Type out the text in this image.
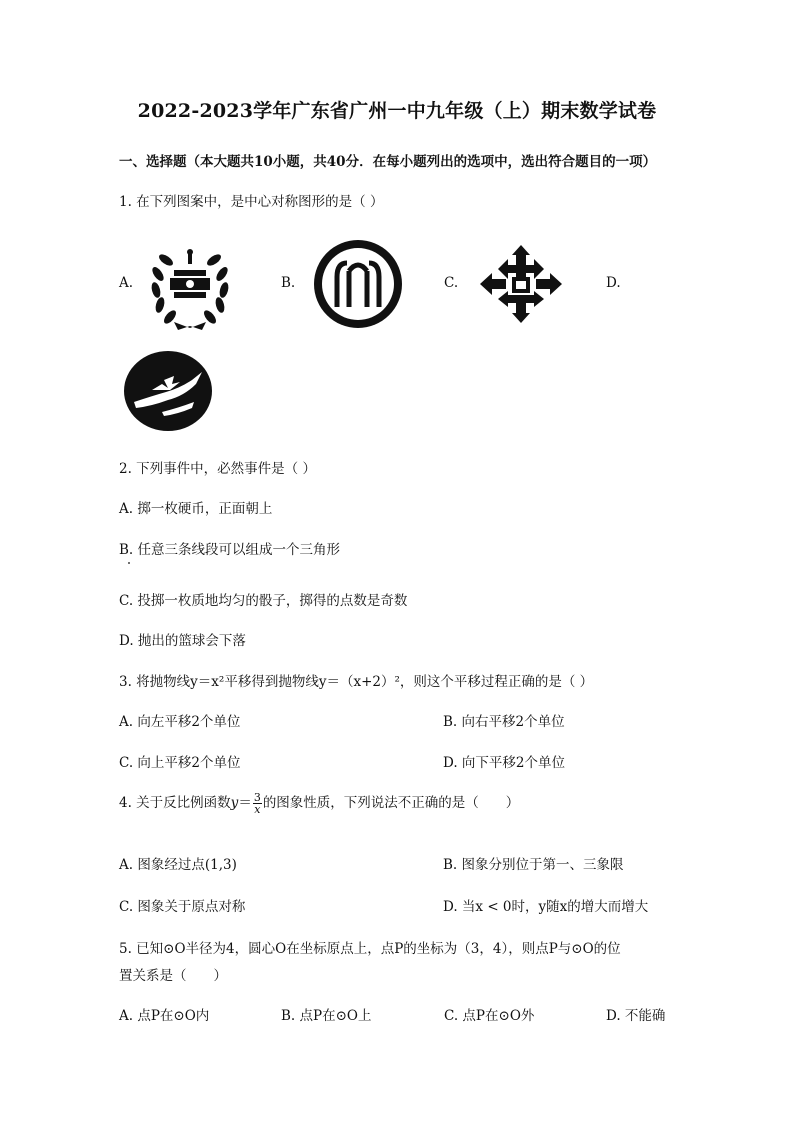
2022-2023学年广东省广州一中九年级（上）期末数学试卷
一、选择题（本大题共10小题，共40分．在每小题列出的选项中，选出符合题目的一项）
1. 在下列图案中，是中心对称图形的是（ ）
A.	B.	C.	D.
2. 下列事件中，必然事件是（ ）
A. 掷一枚硬币，正面朝上
B. 任意三条线段可以组成一个三角形
C. 投掷一枚质地均匀的骰子，掷得的点数是奇数
D. 抛出的篮球会下落
3. 将抛物线y＝x²平移得到抛物线y＝（x+2）²，则这个平移过程正确的是（ ）
A. 向左平移2个单位	B. 向右平移2个单位
C. 向上平移2个单位	D. 向下平移2个单位
4. 关于反比例函数$y= \frac{3}{x}$ 的图象性质，下列说法不正确的是（　　）
A. 图象经过点(1,3)	B. 图象分别位于第一、三象限
C. 图象关于原点对称	D. 当x < 0时，y随x的增大而增大
5. 已知⊙O半径为4，圆心O在坐标原点上，点P的坐标为（3，4），则点P与⊙O的位
置关系是（　　）
A. 点P在⊙O内	B. 点P在⊙O上	C. 点P在⊙O外	D. 不能确
